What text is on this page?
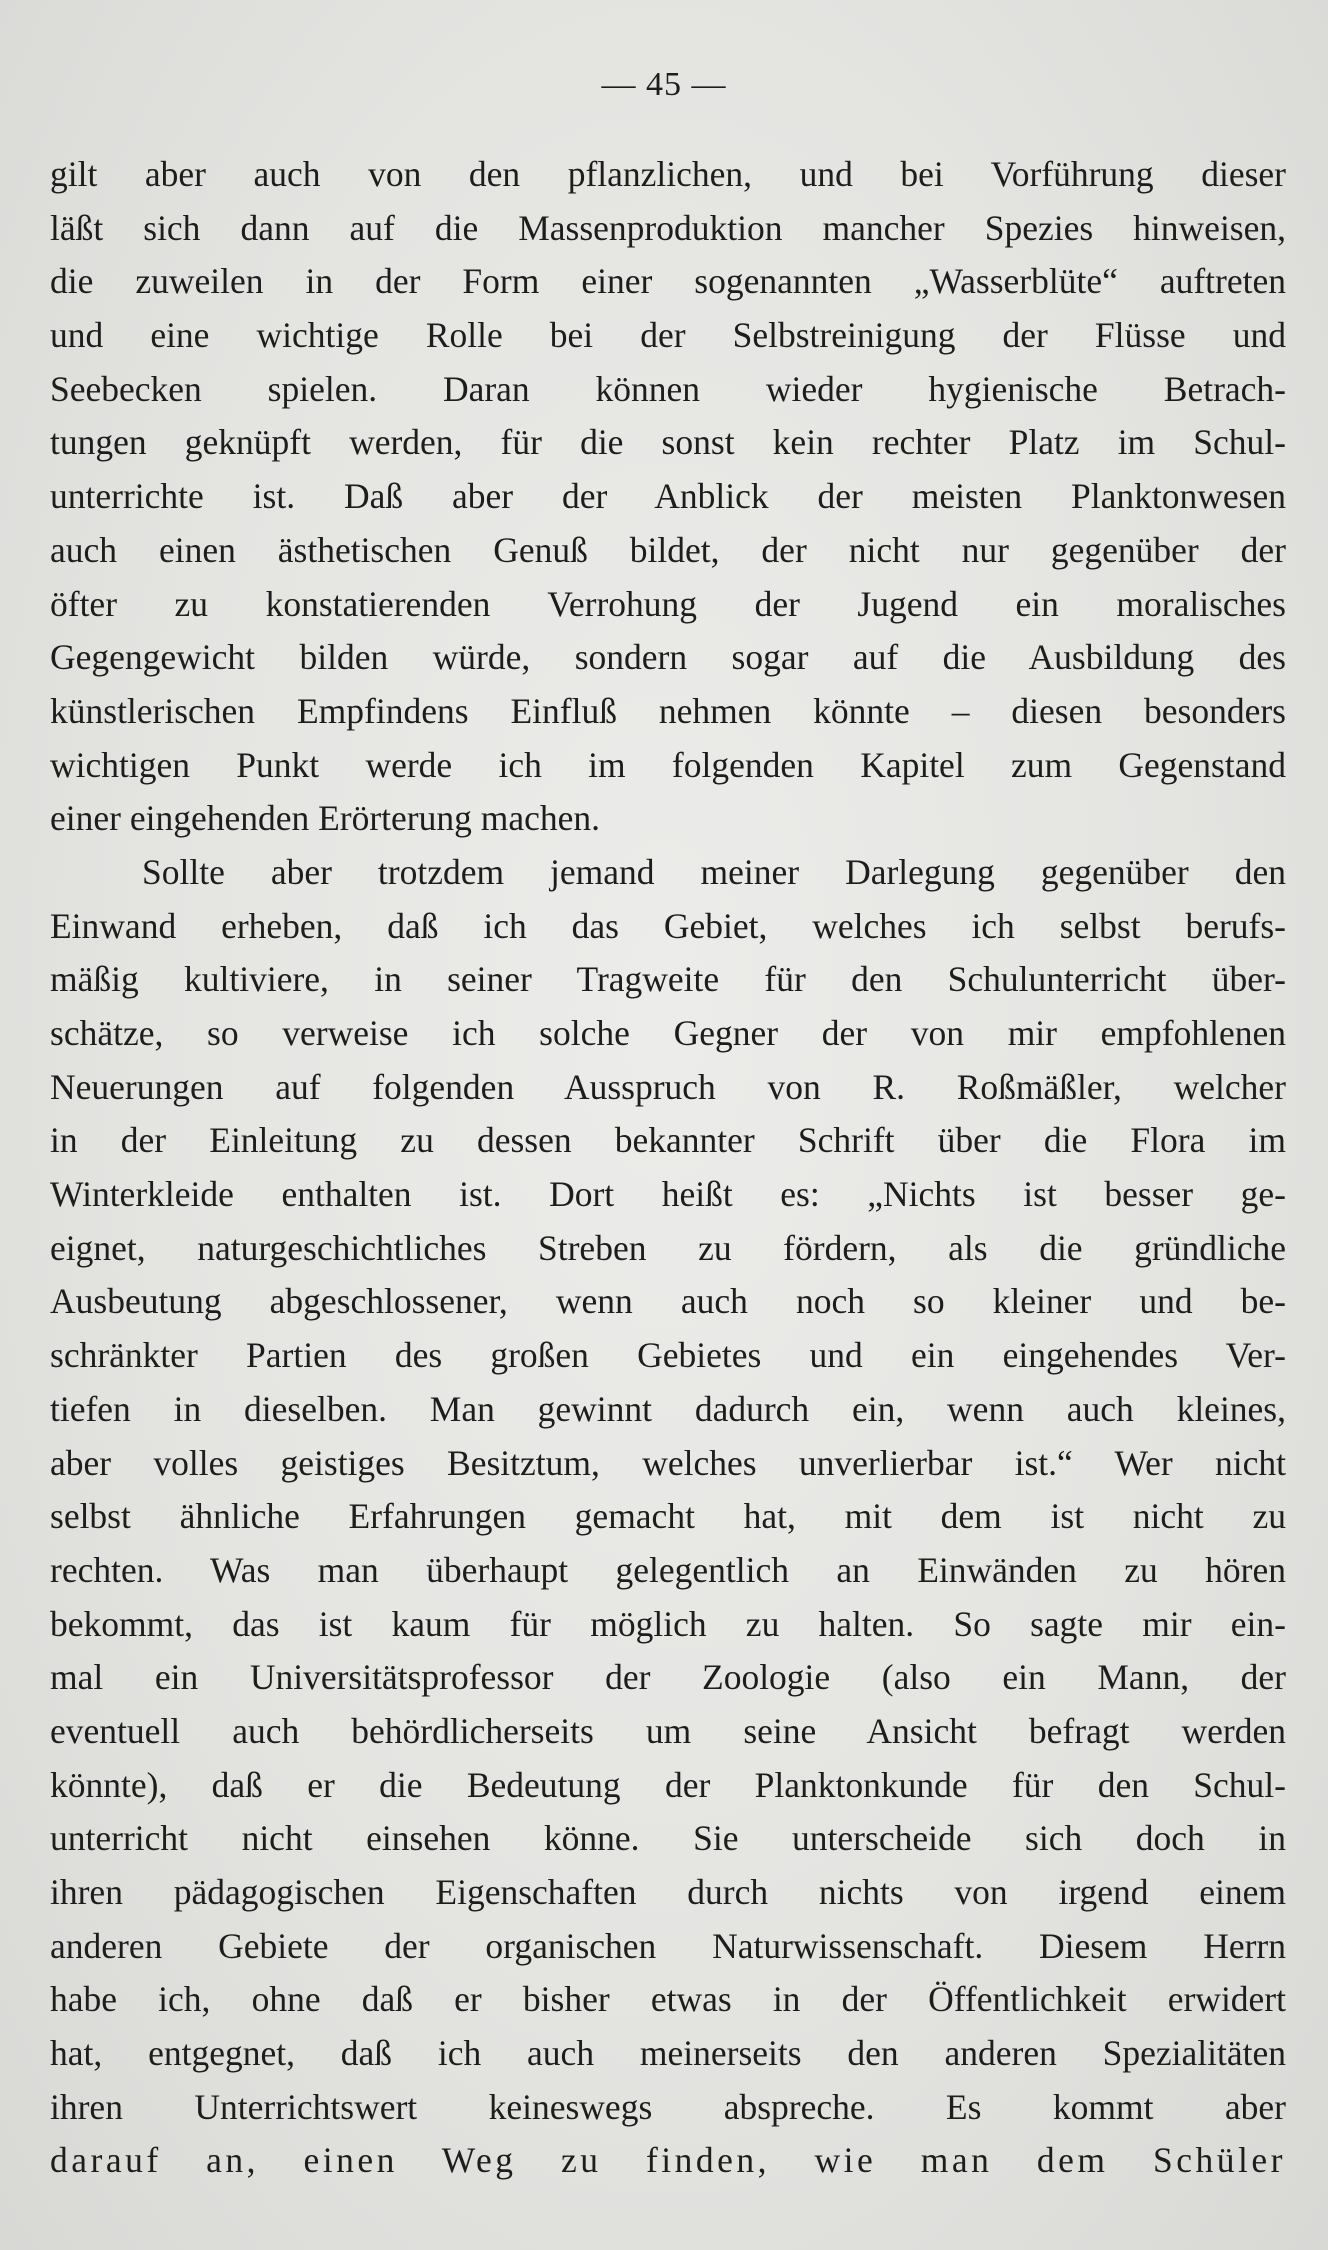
— 45 —
gilt aber auch von den pflanzlichen, und bei Vorführung dieser
läßt sich dann auf die Massenproduktion mancher Spezies hinweisen,
die zuweilen in der Form einer sogenannten „Wasserblüte“ auftreten
und eine wichtige Rolle bei der Selbstreinigung der Flüsse und
Seebecken spielen. Daran können wieder hygienische Betrach-
tungen geknüpft werden, für die sonst kein rechter Platz im Schul-
unterrichte ist. Daß aber der Anblick der meisten Planktonwesen
auch einen ästhetischen Genuß bildet, der nicht nur gegenüber der
öfter zu konstatierenden Verrohung der Jugend ein moralisches
Gegengewicht bilden würde, sondern sogar auf die Ausbildung des
künstlerischen Empfindens Einfluß nehmen könnte – diesen besonders
wichtigen Punkt werde ich im folgenden Kapitel zum Gegenstand
einer eingehenden Erörterung machen.
Sollte aber trotzdem jemand meiner Darlegung gegenüber den
Einwand erheben, daß ich das Gebiet, welches ich selbst berufs-
mäßig kultiviere, in seiner Tragweite für den Schulunterricht über-
schätze, so verweise ich solche Gegner der von mir empfohlenen
Neuerungen auf folgenden Ausspruch von R. Roßmäßler, welcher
in der Einleitung zu dessen bekannter Schrift über die Flora im
Winterkleide enthalten ist. Dort heißt es: „Nichts ist besser ge-
eignet, naturgeschichtliches Streben zu fördern, als die gründliche
Ausbeutung abgeschlossener, wenn auch noch so kleiner und be-
schränkter Partien des großen Gebietes und ein eingehendes Ver-
tiefen in dieselben. Man gewinnt dadurch ein, wenn auch kleines,
aber volles geistiges Besitztum, welches unverlierbar ist.“ Wer nicht
selbst ähnliche Erfahrungen gemacht hat, mit dem ist nicht zu
rechten. Was man überhaupt gelegentlich an Einwänden zu hören
bekommt, das ist kaum für möglich zu halten. So sagte mir ein-
mal ein Universitätsprofessor der Zoologie (also ein Mann, der
eventuell auch behördlicherseits um seine Ansicht befragt werden
könnte), daß er die Bedeutung der Planktonkunde für den Schul-
unterricht nicht einsehen könne. Sie unterscheide sich doch in
ihren pädagogischen Eigenschaften durch nichts von irgend einem
anderen Gebiete der organischen Naturwissenschaft. Diesem Herrn
habe ich, ohne daß er bisher etwas in der Öffentlichkeit erwidert
hat, entgegnet, daß ich auch meinerseits den anderen Spezialitäten
ihren Unterrichtswert keineswegs abspreche. Es kommt aber
darauf an, einen Weg zu finden, wie man dem Schüler
